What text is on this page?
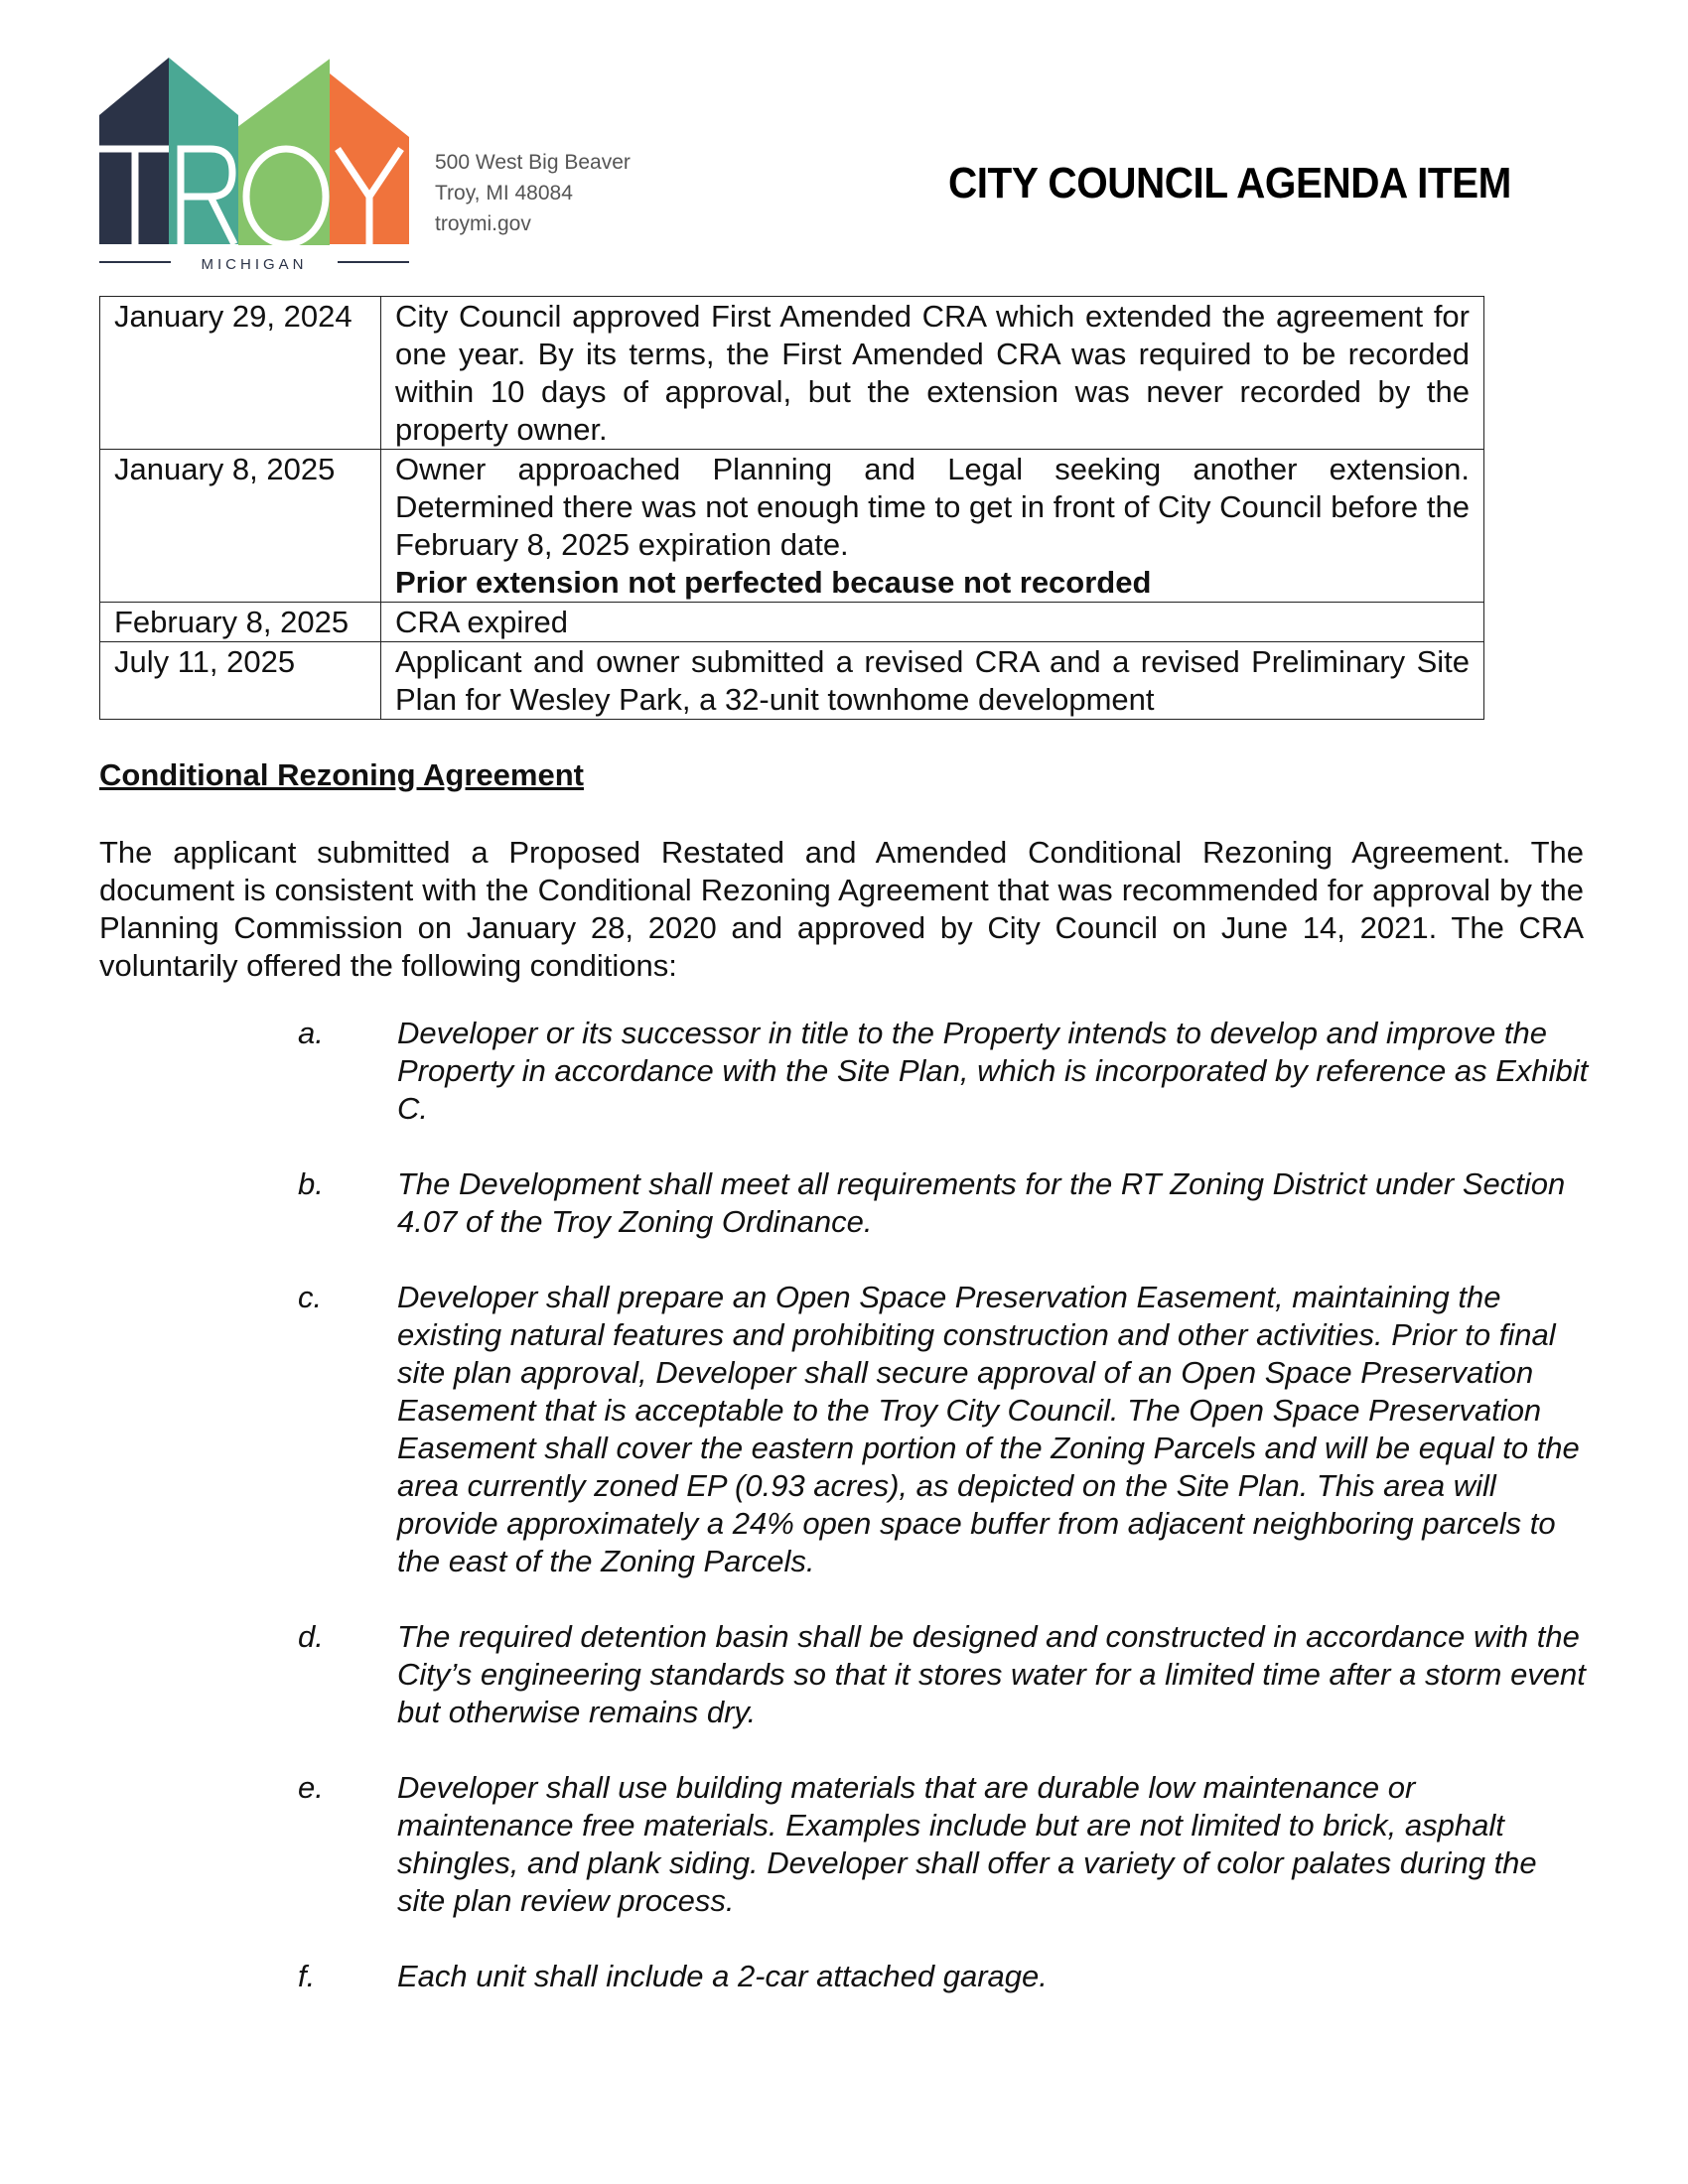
MICHIGAN
500 West Big Beaver
Troy, MI 48084
troymi.gov
CITY COUNCIL AGENDA ITEM
January 29, 2024	City Council approved First Amended CRA which extended the agreement for one year. By its terms, the First Amended CRA was required to be recorded within 10 days of approval, but the extension was never recorded by the property owner.
January 8, 2025	Owner approached Planning and Legal seeking another extension. Determined there was not enough time to get in front of City Council before the February 8, 2025 expiration date.
Prior extension not perfected because not recorded

February 8, 2025	CRA expired
July 11, 2025	Applicant and owner submitted a revised CRA and a revised Preliminary Site Plan for Wesley Park, a 32-unit townhome development
Conditional Rezoning Agreement

The applicant submitted a Proposed Restated and Amended Conditional Rezoning Agreement. The document is consistent with the Conditional Rezoning Agreement that was recommended for approval by the Planning Commission on January 28, 2020 and approved by City Council on June 14, 2021. The CRA voluntarily offered the following conditions:

a. Developer or its successor in title to the Property intends to develop and improve the Property in accordance with the Site Plan, which is incorporated by reference as Exhibit C.
b. The Development shall meet all requirements for the RT Zoning District under Section 4.07 of the Troy Zoning Ordinance.
c. Developer shall prepare an Open Space Preservation Easement, maintaining the existing natural features and prohibiting construction and other activities. Prior to final site plan approval, Developer shall secure approval of an Open Space Preservation Easement that is acceptable to the Troy City Council. The Open Space Preservation Easement shall cover the eastern portion of the Zoning Parcels and will be equal to the area currently zoned EP (0.93 acres), as depicted on the Site Plan. This area will provide approximately a 24% open space buffer from adjacent neighboring parcels to the east of the Zoning Parcels.
d. The required detention basin shall be designed and constructed in accordance with the City’s engineering standards so that it stores water for a limited time after a storm event but otherwise remains dry.
e. Developer shall use building materials that are durable low maintenance or maintenance free materials. Examples include but are not limited to brick, asphalt shingles, and plank siding. Developer shall offer a variety of color palates during the site plan review process.
f.	Each unit shall include a 2-car attached garage.
